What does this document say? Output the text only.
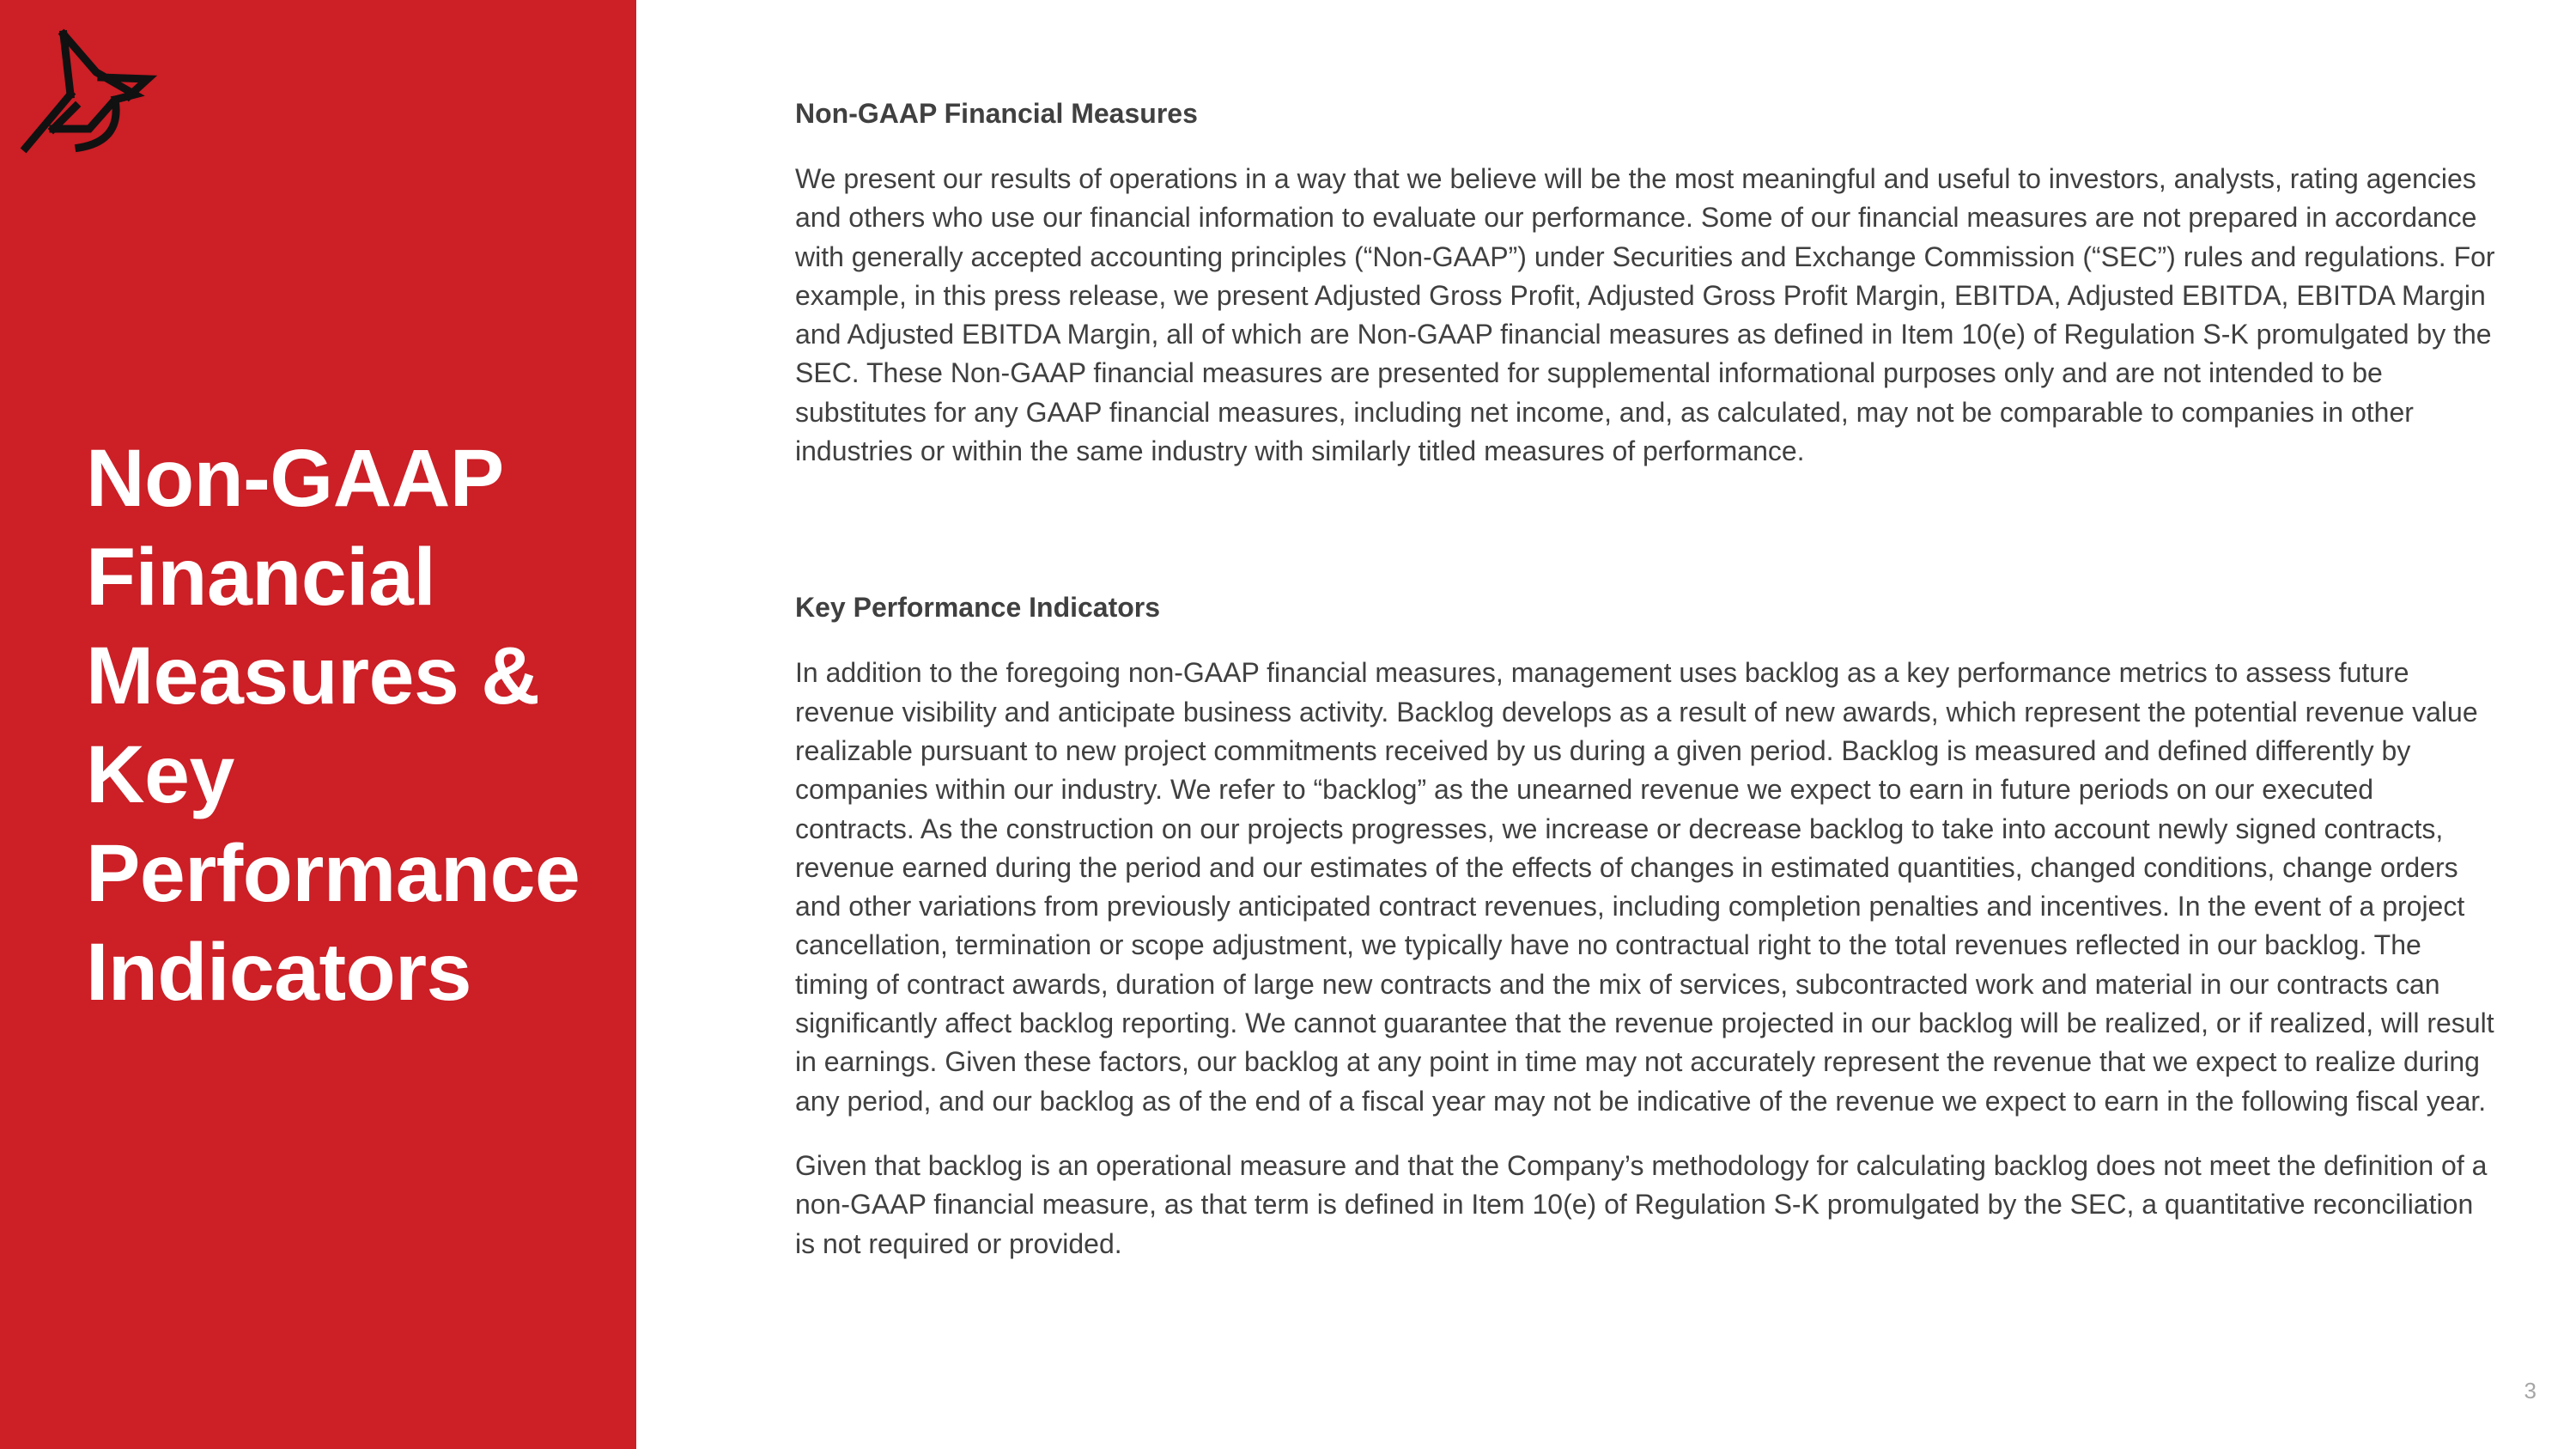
Non-GAAP Financial Measures & Key Performance Indicators
Non-GAAP Financial Measures

We present our results of operations in a way that we believe will be the most meaningful and useful to investors, analysts, rating agencies and others who use our financial information to evaluate our performance. Some of our financial measures are not prepared in accordance with generally accepted accounting principles (“Non-GAAP”) under Securities and Exchange Commission (“SEC”) rules and regulations. For example, in this press release, we present Adjusted Gross Profit, Adjusted Gross Profit Margin, EBITDA, Adjusted EBITDA, EBITDA Margin and Adjusted EBITDA Margin, all of which are Non-GAAP financial measures as defined in Item 10(e) of Regulation S-K promulgated by the SEC. These Non-GAAP financial measures are presented for supplemental informational purposes only and are not intended to be substitutes for any GAAP financial measures, including net income, and, as calculated, may not be comparable to companies in other industries or within the same industry with similarly titled measures of performance.

Key Performance Indicators

In addition to the foregoing non-GAAP financial measures, management uses backlog as a key performance metrics to assess future revenue visibility and anticipate business activity. Backlog develops as a result of new awards, which represent the potential revenue value realizable pursuant to new project commitments received by us during a given period. Backlog is measured and defined differently by companies within our industry. We refer to “backlog” as the unearned revenue we expect to earn in future periods on our executed contracts. As the construction on our projects progresses, we increase or decrease backlog to take into account newly signed contracts, revenue earned during the period and our estimates of the effects of changes in estimated quantities, changed conditions, change orders and other variations from previously anticipated contract revenues, including completion penalties and incentives. In the event of a project cancellation, termination or scope adjustment, we typically have no contractual right to the total revenues reflected in our backlog. The timing of contract awards, duration of large new contracts and the mix of services, subcontracted work and material in our contracts can significantly affect backlog reporting. We cannot guarantee that the revenue projected in our backlog will be realized, or if realized, will result in earnings. Given these factors, our backlog at any point in time may not accurately represent the revenue that we expect to realize during any period, and our backlog as of the end of a fiscal year may not be indicative of the revenue we expect to earn in the following fiscal year.

Given that backlog is an operational measure and that the Company’s methodology for calculating backlog does not meet the definition of a non-GAAP financial measure, as that term is defined in Item 10(e) of Regulation S-K promulgated by the SEC, a quantitative reconciliation is not required or provided.

3
